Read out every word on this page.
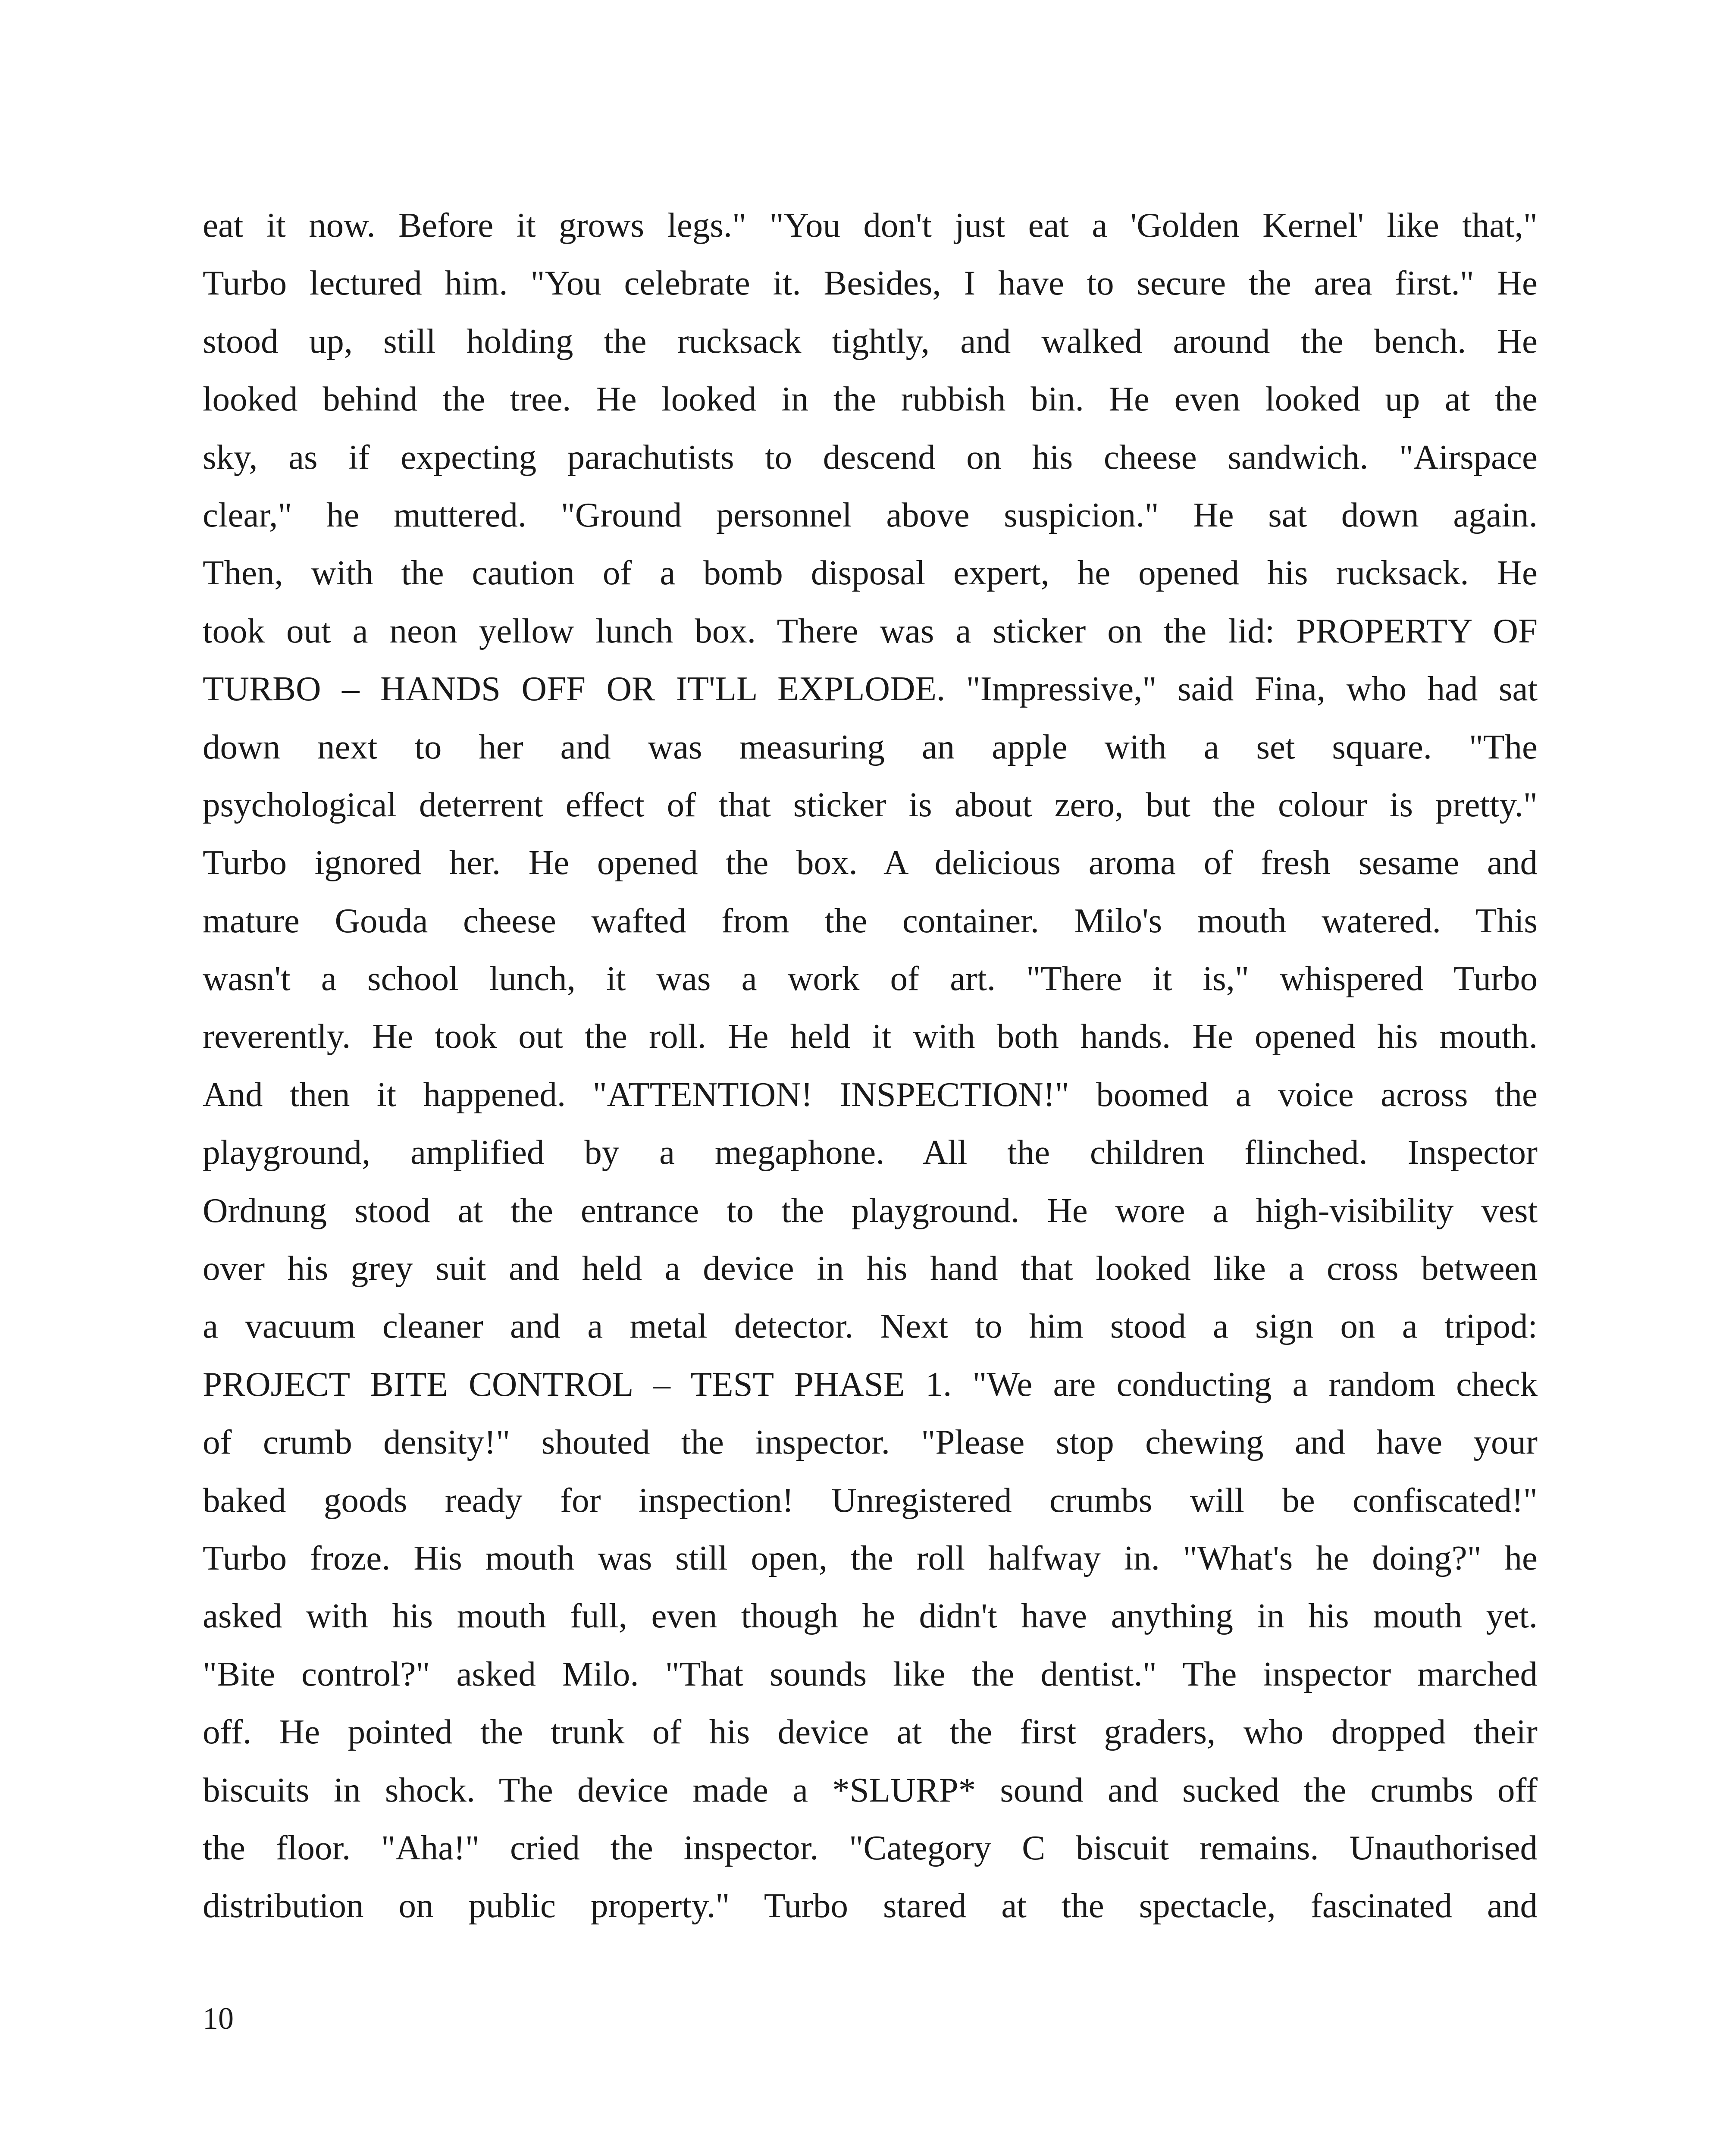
eat it now. Before it grows legs." "You don't just eat a 'Golden Kernel' like that,"
Turbo lectured him. "You celebrate it. Besides, I have to secure the area first." He
stood up, still holding the rucksack tightly, and walked around the bench. He
looked behind the tree. He looked in the rubbish bin. He even looked up at the
sky, as if expecting parachutists to descend on his cheese sandwich. "Airspace
clear," he muttered. "Ground personnel above suspicion." He sat down again.
Then, with the caution of a bomb disposal expert, he opened his rucksack. He
took out a neon yellow lunch box. There was a sticker on the lid: PROPERTY OF
TURBO – HANDS OFF OR IT'LL EXPLODE. "Impressive," said Fina, who had sat
down next to her and was measuring an apple with a set square. "The
psychological deterrent effect of that sticker is about zero, but the colour is pretty."
Turbo ignored her. He opened the box. A delicious aroma of fresh sesame and
mature Gouda cheese wafted from the container. Milo's mouth watered. This
wasn't a school lunch, it was a work of art. "There it is," whispered Turbo
reverently. He took out the roll. He held it with both hands. He opened his mouth.
And then it happened. "ATTENTION! INSPECTION!" boomed a voice across the
playground, amplified by a megaphone. All the children flinched. Inspector
Ordnung stood at the entrance to the playground. He wore a high-visibility vest
over his grey suit and held a device in his hand that looked like a cross between
a vacuum cleaner and a metal detector. Next to him stood a sign on a tripod:
PROJECT BITE CONTROL – TEST PHASE 1. "We are conducting a random check
of crumb density!" shouted the inspector. "Please stop chewing and have your
baked goods ready for inspection! Unregistered crumbs will be confiscated!"
Turbo froze. His mouth was still open, the roll halfway in. "What's he doing?" he
asked with his mouth full, even though he didn't have anything in his mouth yet.
"Bite control?" asked Milo. "That sounds like the dentist." The inspector marched
off. He pointed the trunk of his device at the first graders, who dropped their
biscuits in shock. The device made a *SLURP* sound and sucked the crumbs off
the floor. "Aha!" cried the inspector. "Category C biscuit remains. Unauthorised
distribution on public property." Turbo stared at the spectacle, fascinated and
10
